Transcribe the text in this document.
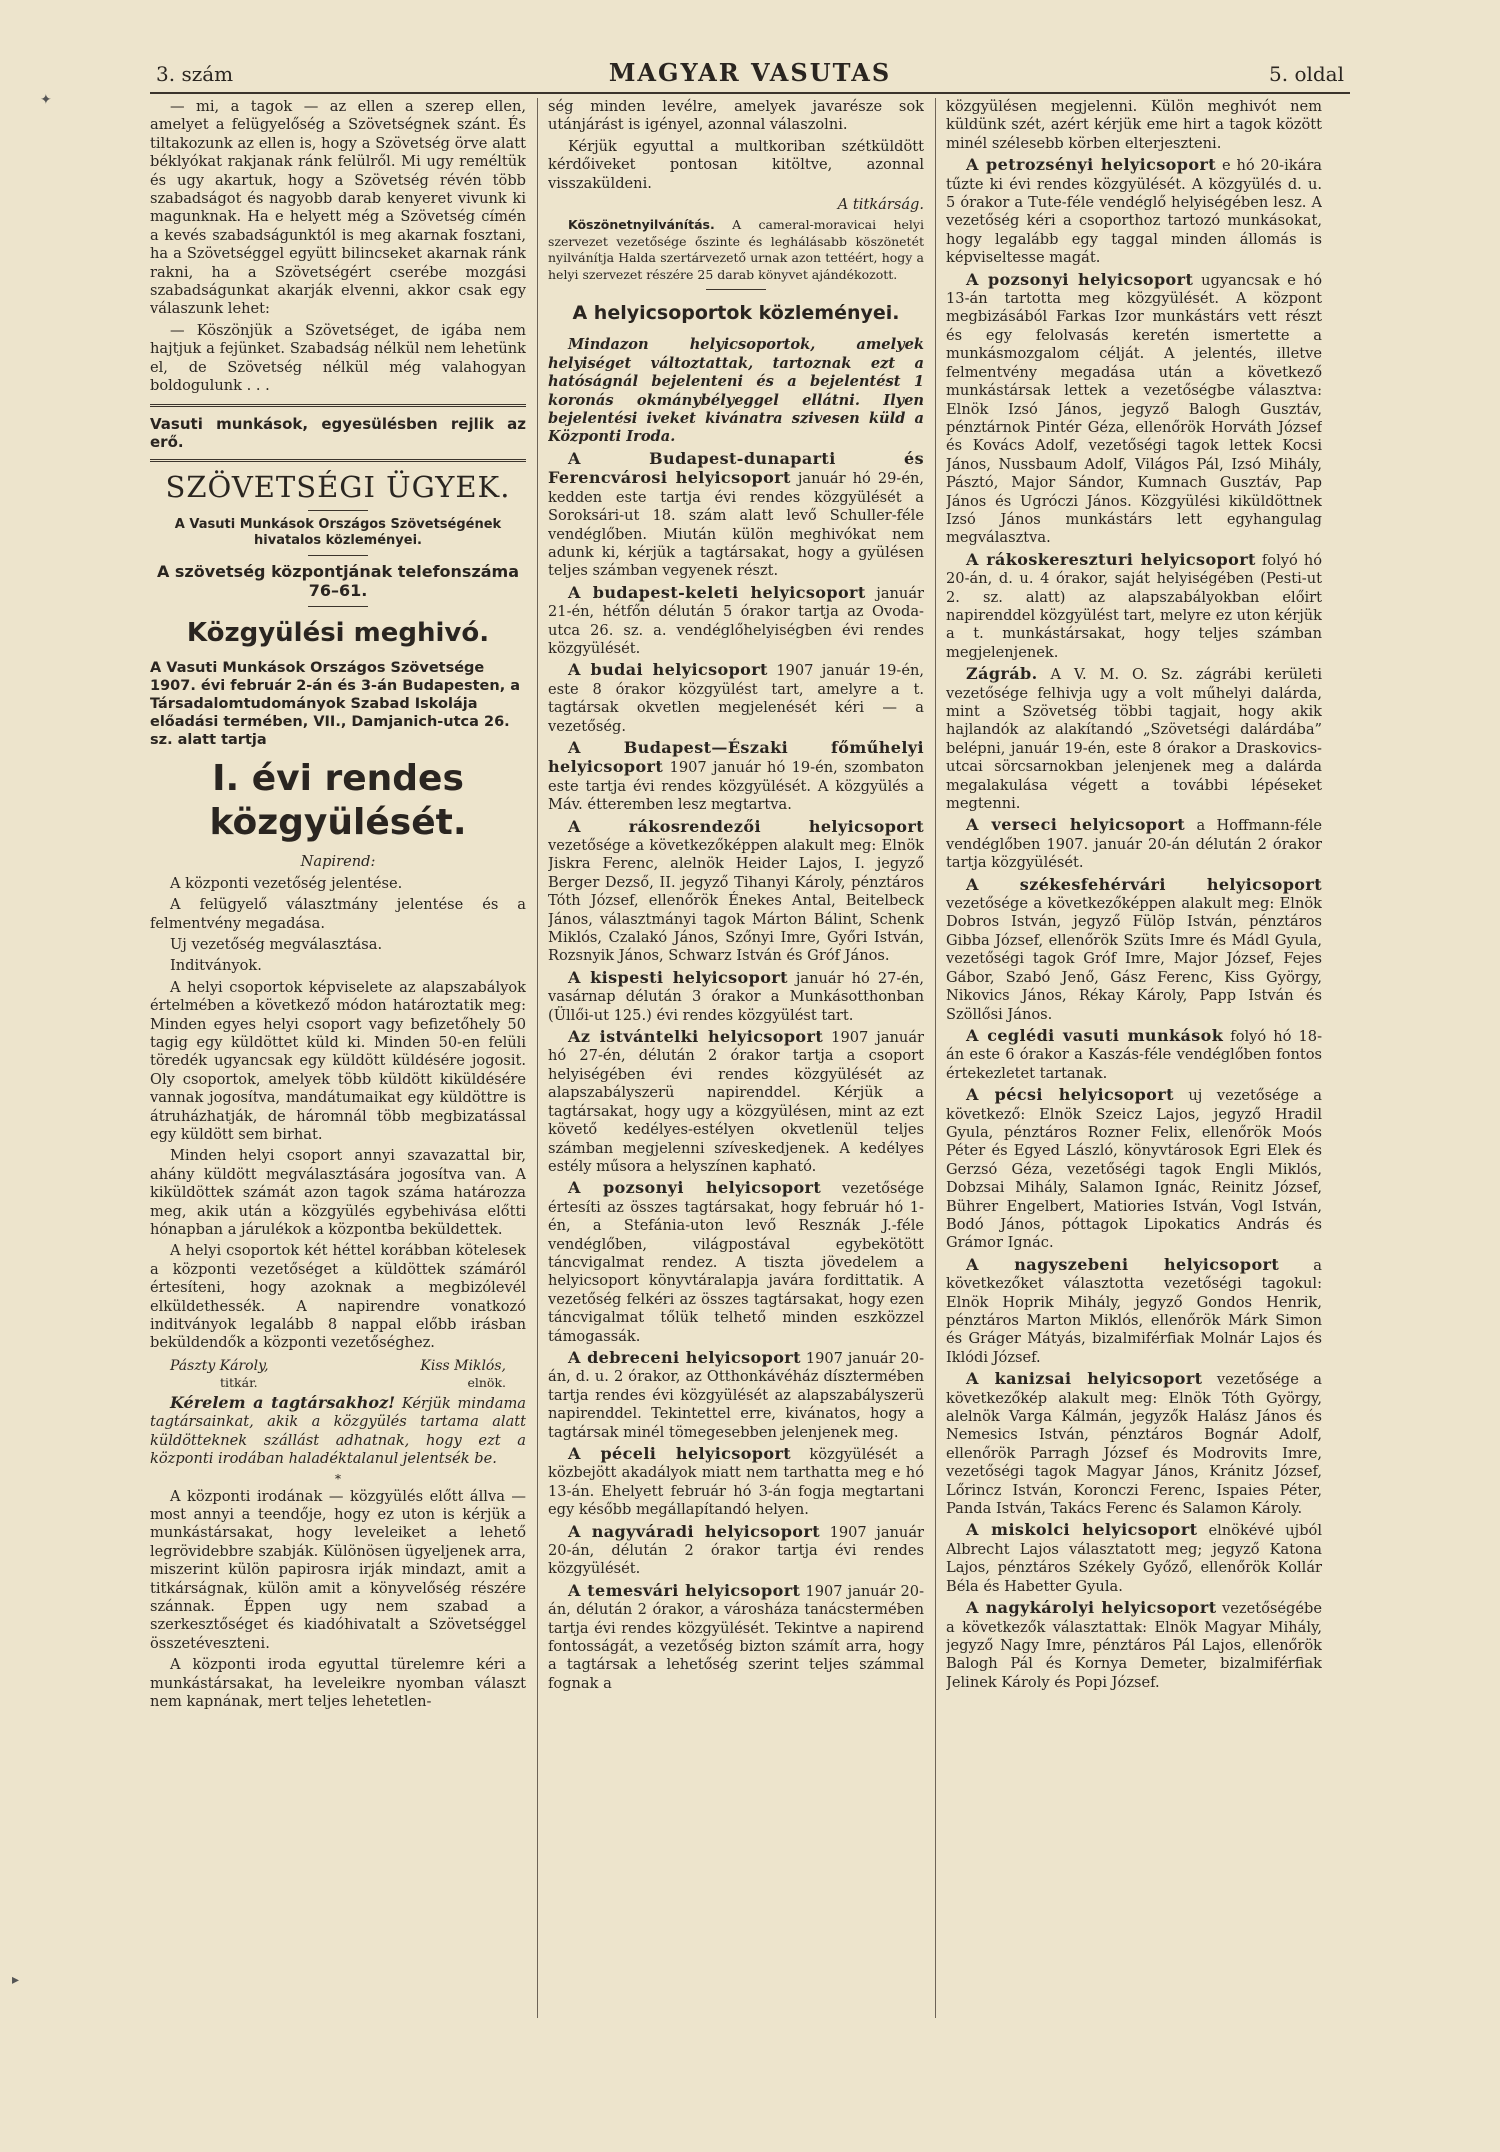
3. szám	MAGYAR VASUTAS	5. oldal

— mi, a tagok — az ellen a szerep ellen, amelyet a felügyelőség a Szövetségnek szánt. És tiltakozunk az ellen is, hogy a Szövetség örve alatt béklyókat rakjanak ránk felülről. Mi ugy reméltük és ugy akartuk, hogy a Szövetség révén több szabadságot és nagyobb darab kenyeret vivunk ki magunknak. Ha e helyett még a Szövetség címén a kevés szabadságunktól is meg akarnak fosztani, ha a Szövetséggel együtt bilincseket akarnak ránk rakni, ha a Szövetségért cserébe mozgási szabadságunkat akarják elvenni, akkor csak egy válaszunk lehet:

— Köszönjük a Szövetséget, de igába nem hajtjuk a fejünket. Szabadság nélkül nem lehetünk el, de Szövetség nélkül még valahogyan boldogulunk . . .

Vasuti munkások, egyesülésben rejlik az erő.

SZÖVETSÉGI ÜGYEK.
A Vasuti Munkások Országos Szövetségének hivatalos közleményei.
A szövetség központjának telefonszáma 76–61.
Közgyülési meghivó.

A Vasuti Munkások Országos Szövetsége 1907. évi február 2-án és 3-án Budapesten, a Társadalomtudományok Szabad Iskolája előadási termében, VII., Damjanich-utca 26. sz. alatt tartja

I. évi rendes közgyülését.

Napirend:

A központi vezetőség jelentése.

A felügyelő választmány jelentése és a felmentvény megadása.

Uj vezetőség megválasztása.

Inditványok.

A helyi csoportok képviselete az alapszabályok értelmében a következő módon határoztatik meg: Minden egyes helyi csoport vagy befizetőhely 50 tagig egy küldöttet küld ki. Minden 50-en felüli töredék ugyancsak egy küldött küldésére jogosit. Oly csoportok, amelyek több küldött kiküldésére vannak jogosítva, mandátumaikat egy küldöttre is átruházhatják, de háromnál több megbizatással egy küldött sem birhat.

Minden helyi csoport annyi szavazattal bir, ahány küldött megválasztására jogosítva van. A kiküldöttek számát azon tagok száma határozza meg, akik után a közgyülés egybehivása előtti hónapban a járulékok a központba beküldettek.

A helyi csoportok két héttel korábban kötelesek a központi vezetőséget a küldöttek számáról értesíteni, hogy azoknak a megbizólevél elküldethessék. A napirendre vonatkozó inditványok legalább 8 nappal előbb irásban beküldendők a központi vezetőséghez.

Pászty Károly,	Kiss Miklós,
titkár.	elnök.

Kérelem a tagtársakhoz! Kérjük mindama tagtársainkat, akik a közgyülés tartama alatt küldötteknek szállást adhatnak, hogy ezt a központi irodában haladéktalanul jelentsék be.

*

A központi irodának — közgyülés előtt állva — most annyi a teendője, hogy ez uton is kérjük a munkástársakat, hogy leveleiket a lehető legrövidebbre szabják. Különösen ügyeljenek arra, miszerint külön papirosra irják mindazt, amit a titkárságnak, külön amit a könyvelőség részére szánnak. Éppen ugy nem szabad a szerkesztőséget és kiadóhivatalt a Szövetséggel összetéveszteni.

A központi iroda egyuttal türelemre kéri a munkástársakat, ha leveleikre nyomban választ nem kapnának, mert teljes lehetetlen-

ség minden levélre, amelyek javarésze sok utánjárást is igényel, azonnal válaszolni.

Kérjük egyuttal a multkoriban szétküldött kérdőiveket pontosan kitöltve, azonnal visszaküldeni.

A titkárság.

Köszönetnyilvánítás. A cameral-moravicai helyi szervezet vezetősége őszinte és leghálásabb köszönetét nyilvánítja Halda szertárvezető urnak azon tettéért, hogy a helyi szervezet részére 25 darab könyvet ajándékozott.

A helyicsoportok közleményei.

Mindazon helyicsoportok, amelyek helyiséget változtattak, tartoznak ezt a hatóságnál bejelenteni és a bejelentést 1 koronás okmánybélyeggel ellátni. Ilyen bejelentési iveket kivánatra szivesen küld a Központi Iroda.

A Budapest-dunaparti és Ferencvárosi helyicsoport január hó 29-én, kedden este tartja évi rendes közgyülését a Soroksári-ut 18. szám alatt levő Schuller-féle vendéglőben. Miután külön meghivókat nem adunk ki, kérjük a tagtársakat, hogy a gyülésen teljes számban vegyenek részt.

A budapest-keleti helyicsoport január 21-én, hétfőn délután 5 órakor tartja az Ovoda-utca 26. sz. a. vendéglőhelyiségben évi rendes közgyülését.

A budai helyicsoport 1907 január 19-én, este 8 órakor közgyülést tart, amelyre a t. tagtársak okvetlen megjelenését kéri — a vezetőség.

A Budapest—Északi főműhelyi helyicsoport 1907 január hó 19-én, szombaton este tartja évi rendes közgyülését. A közgyülés a Máv. étteremben lesz megtartva.

A rákosrendezői helyicsoport vezetősége a következőképpen alakult meg: Elnök Jiskra Ferenc, alelnök Heider Lajos, I. jegyző Berger Dezső, II. jegyző Tihanyi Károly, pénztáros Tóth József, ellenőrök Énekes Antal, Beitelbeck János, választmányi tagok Márton Bálint, Schenk Miklós, Czalakó János, Szőnyi Imre, Győri István, Rozsnyik János, Schwarz István és Gróf János.

A kispesti helyicsoport január hó 27-én, vasárnap délután 3 órakor a Munkásotthonban (Üllői-ut 125.) évi rendes közgyülést tart.

Az istvántelki helyicsoport 1907 január hó 27-én, délután 2 órakor tartja a csoport helyiségében évi rendes közgyülését az alapszabályszerü napirenddel. Kérjük a tagtársakat, hogy ugy a közgyülésen, mint az ezt követő kedélyes-estélyen okvetlenül teljes számban megjelenni szíveskedjenek. A kedélyes estély műsora a helyszínen kapható.

A pozsonyi helyicsoport vezetősége értesíti az összes tagtársakat, hogy február hó 1-én, a Stefánia-uton levő Resznák J.-féle vendéglőben, világpostával egybekötött táncvigalmat rendez. A tiszta jövedelem a helyicsoport könyvtáralapja javára fordittatik. A vezetőség felkéri az összes tagtársakat, hogy ezen táncvigalmat tőlük telhető minden eszközzel támogassák.

A debreceni helyicsoport 1907 január 20-án, d. u. 2 órakor, az Otthonkávéház dísztermében tartja rendes évi közgyülését az alapszabályszerü napirenddel. Tekintettel erre, kivánatos, hogy a tagtársak minél tömegesebben jelenjenek meg.

A péceli helyicsoport közgyülését a közbejött akadályok miatt nem tarthatta meg e hó 13-án. Ehelyett február hó 3-án fogja megtartani egy később megállapítandó helyen.

A nagyváradi helyicsoport 1907 január 20-án, délután 2 órakor tartja évi rendes közgyülését.

A temesvári helyicsoport 1907 január 20-án, délután 2 órakor, a városháza tanácstermében tartja évi rendes közgyülését. Tekintve a napirend fontosságát, a vezetőség bizton számít arra, hogy a tagtársak a lehetőség szerint teljes számmal fognak a

közgyülésen megjelenni. Külön meghivót nem küldünk szét, azért kérjük eme hirt a tagok között minél szélesebb körben elterjeszteni.

A petrozsényi helyicsoport e hó 20-ikára tűzte ki évi rendes közgyülését. A közgyülés d. u. 5 órakor a Tute-féle vendéglő helyiségében lesz. A vezetőség kéri a csoporthoz tartozó munkásokat, hogy legalább egy taggal minden állomás is képviseltesse magát.

A pozsonyi helyicsoport ugyancsak e hó 13-án tartotta meg közgyülését. A központ megbizásából Farkas Izor munkástárs vett részt és egy felolvasás keretén ismertette a munkásmozgalom célját. A jelentés, illetve felmentvény megadása után a következő munkástársak lettek a vezetőségbe választva: Elnök Izsó János, jegyző Balogh Gusztáv, pénztárnok Pintér Géza, ellenőrök Horváth József és Kovács Adolf, vezetőségi tagok lettek Kocsi János, Nussbaum Adolf, Világos Pál, Izsó Mihály, Pásztó, Major Sándor, Kumnach Gusztáv, Pap János és Ugróczi János. Közgyülési kiküldöttnek Izsó János munkástárs lett egyhangulag megválasztva.

A rákoskereszturi helyicsoport folyó hó 20-án, d. u. 4 órakor, saját helyiségében (Pesti-ut 2. sz. alatt) az alapszabályokban előirt napirenddel közgyülést tart, melyre ez uton kérjük a t. munkástársakat, hogy teljes számban megjelenjenek.

Zágráb. A V. M. O. Sz. zágrábi kerületi vezetősége felhivja ugy a volt műhelyi dalárda, mint a Szövetség többi tagjait, hogy akik hajlandók az alakítandó „Szövetségi dalárdába” belépni, január 19-én, este 8 órakor a Draskovics-utcai sörcsarnokban jelenjenek meg a dalárda megalakulása végett a további lépéseket megtenni.

A verseci helyicsoport a Hoffmann-féle vendéglőben 1907. január 20-án délután 2 órakor tartja közgyülését.

A székesfehérvári helyicsoport vezetősége a következőképpen alakult meg: Elnök Dobros István, jegyző Fülöp István, pénztáros Gibba József, ellenőrök Szüts Imre és Mádl Gyula, vezetőségi tagok Gróf Imre, Major József, Fejes Gábor, Szabó Jenő, Gász Ferenc, Kiss György, Nikovics János, Rékay Károly, Papp István és Szöllősi János.

A ceglédi vasuti munkások folyó hó 18-án este 6 órakor a Kaszás-féle vendéglőben fontos értekezletet tartanak.

A pécsi helyicsoport uj vezetősége a következő: Elnök Szeicz Lajos, jegyző Hradil Gyula, pénztáros Rozner Felix, ellenőrök Moós Péter és Egyed László, könyvtárosok Egri Elek és Gerzsó Géza, vezetőségi tagok Engli Miklós, Dobzsai Mihály, Salamon Ignác, Reinitz József, Bührer Engelbert, Matiories István, Vogl István, Bodó János, póttagok Lipokatics András és Grámor Ignác.

A nagyszebeni helyicsoport a következőket választotta vezetőségi tagokul: Elnök Hoprik Mihály, jegyző Gondos Henrik, pénztáros Marton Miklós, ellenőrök Márk Simon és Gráger Mátyás, bizalmiférfiak Molnár Lajos és Iklódi József.

A kanizsai helyicsoport vezetősége a következőkép alakult meg: Elnök Tóth György, alelnök Varga Kálmán, jegyzők Halász János és Nemesics István, pénztáros Bognár Adolf, ellenőrök Parragh József és Modrovits Imre, vezetőségi tagok Magyar János, Kránitz József, Lőrincz István, Koronczi Ferenc, Ispaies Péter, Panda István, Takács Ferenc és Salamon Károly.

A miskolci helyicsoport elnökévé ujból Albrecht Lajos választatott meg; jegyző Katona Lajos, pénztáros Székely Győző, ellenőrök Kollár Béla és Habetter Gyula.

A nagykárolyi helyicsoport vezetőségébe a következők választattak: Elnök Magyar Mihály, jegyző Nagy Imre, pénztáros Pál Lajos, ellenőrök Balogh Pál és Kornya Demeter, bizalmiférfiak Jelinek Károly és Popi József.

✦
▸
